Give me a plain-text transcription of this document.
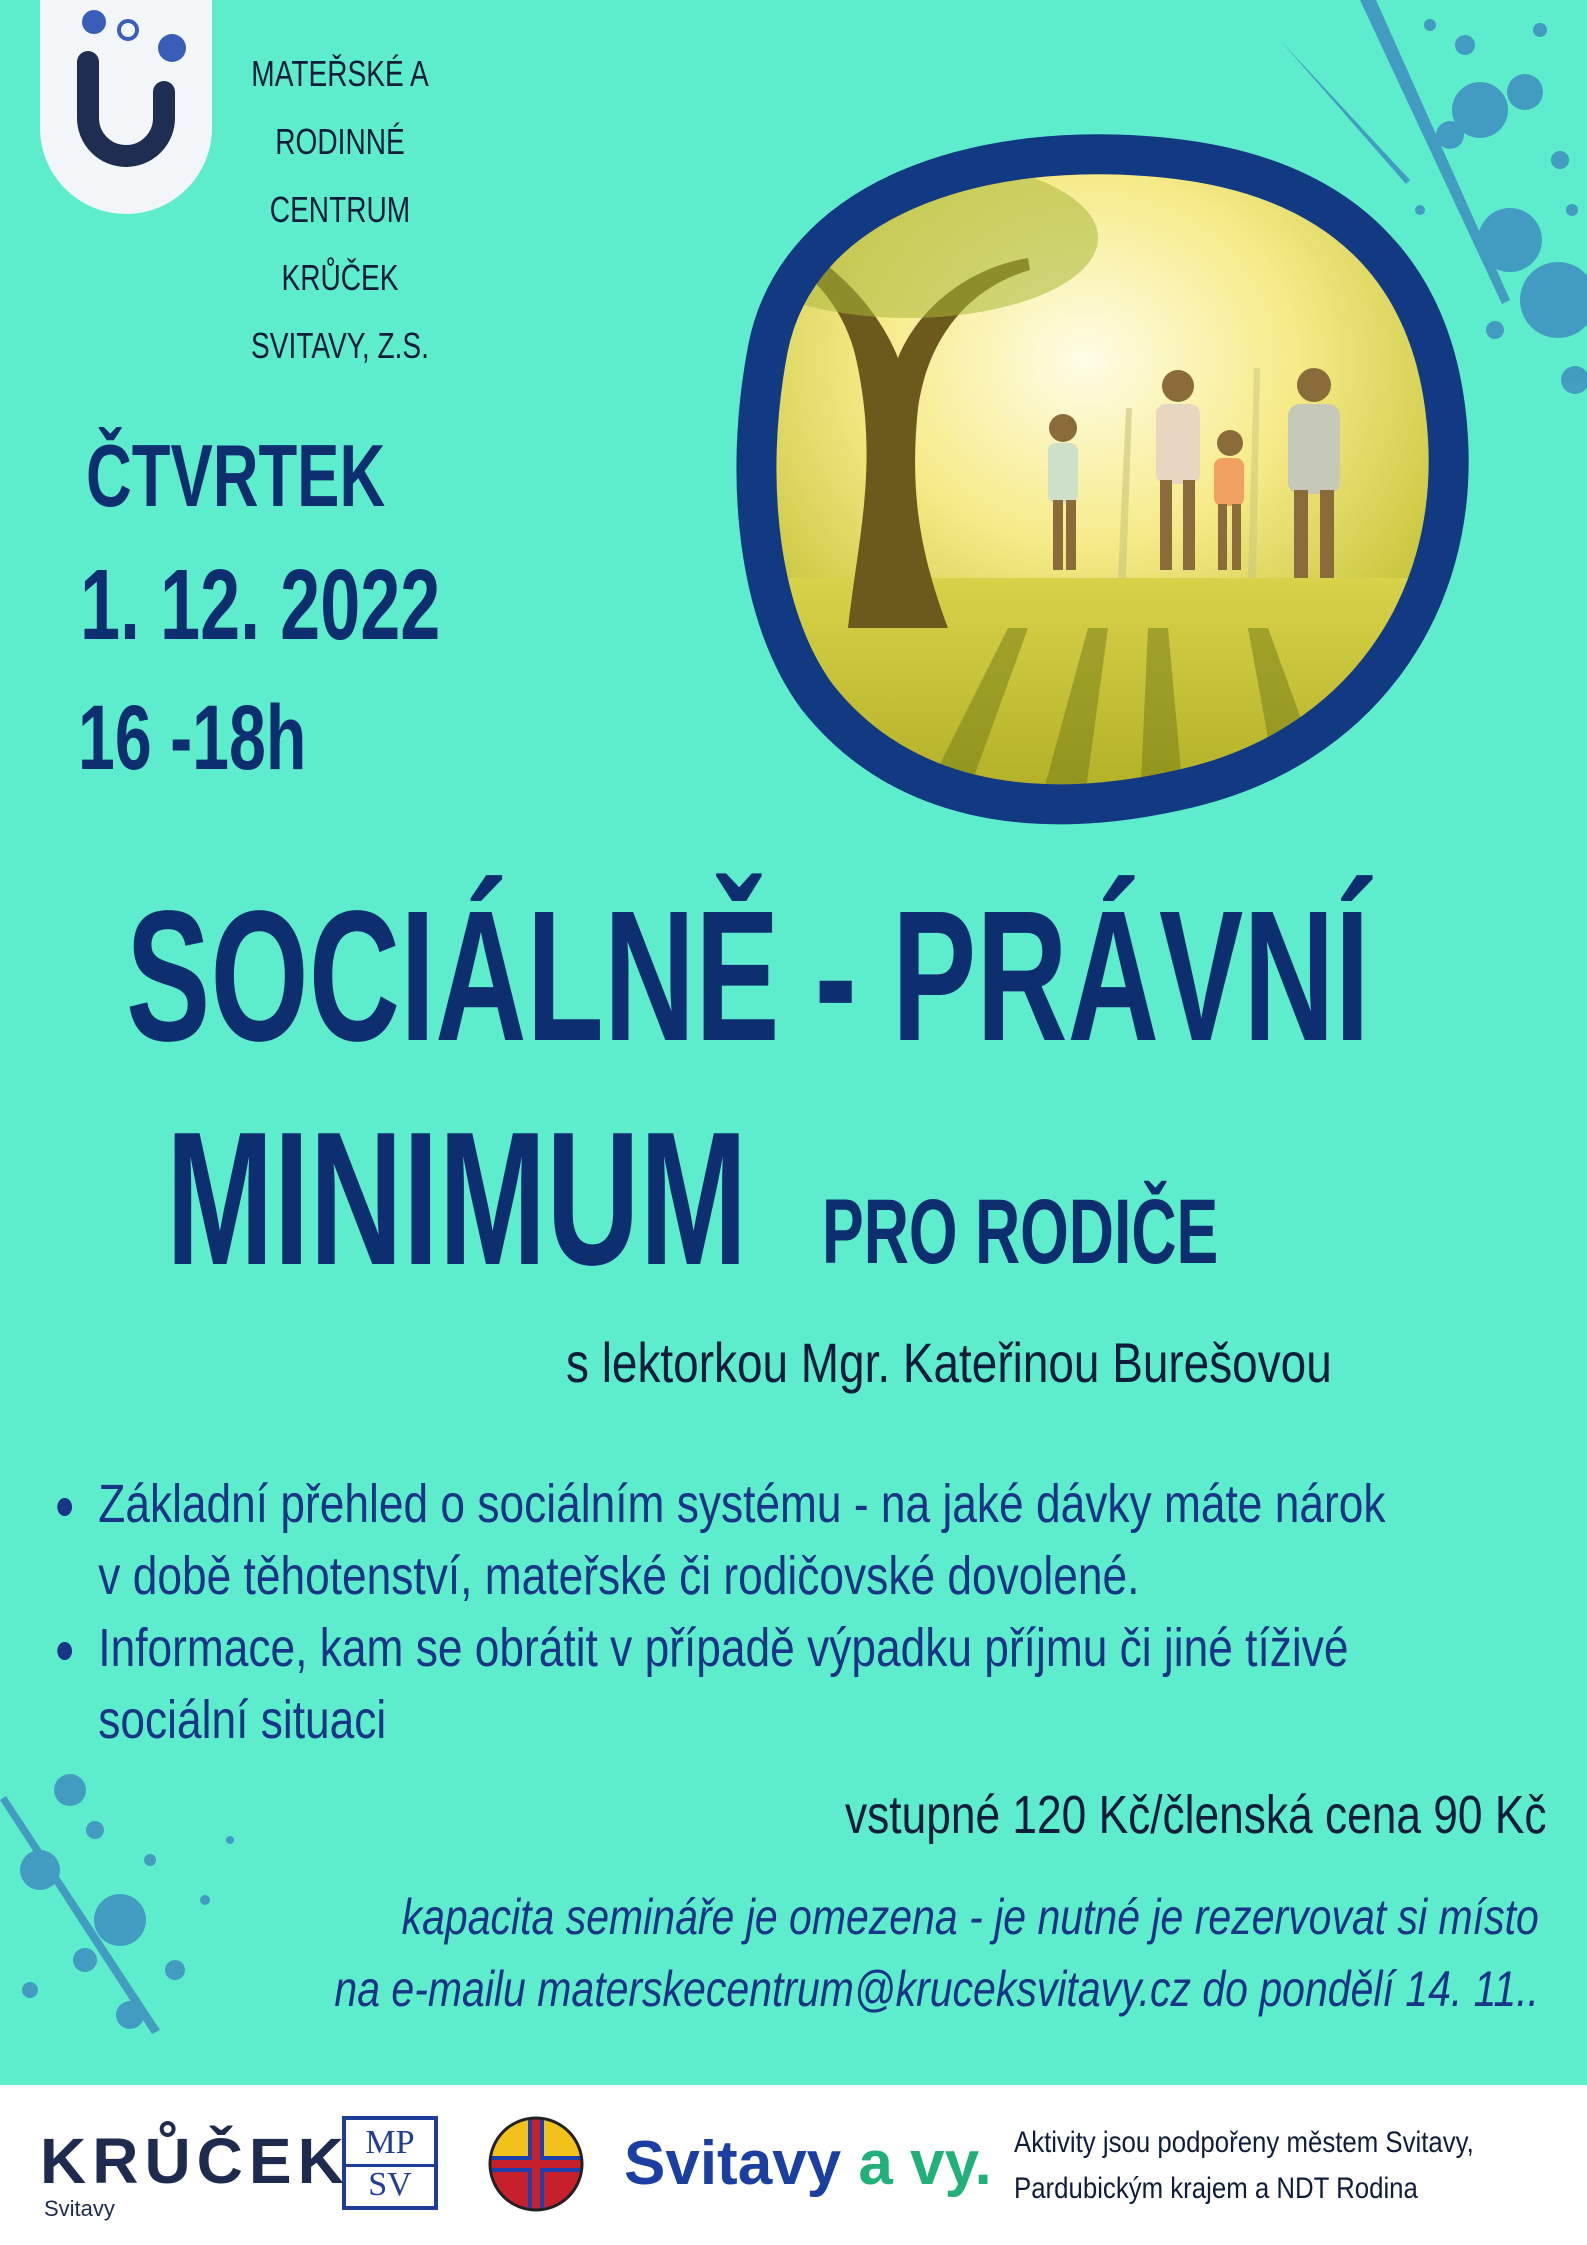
MATEŘSKÉ A
RODINNÉ
CENTRUM
KRŮČEK
SVITAVY, Z.S.
ČTVRTEK
1. 12. 2022
16 -18h
SOCIÁLNĚ - PRÁVNÍ
MINIMUM PRO RODIČE
s lektorkou Mgr. Kateřinou Burešovou
Základní přehled o sociálním systému - na jaké dávky máte nárok
v době těhotenství, mateřské či rodičovské dovolené.
Informace, kam se obrátit v případě výpadku příjmu či jiné tíživé
sociální situaci
vstupné 120 Kč/členská cena 90 Kč
kapacita semináře je omezena - je nutné je rezervovat si místo
na e-mailu materskecentrum@kruceksvitavy.cz do pondělí 14. 11..
KRŮČEK
Svitavy
MP
SV	Svitavy a vy. Aktivity jsou podpořeny městem Svitavy,
Pardubickým krajem a NDT Rodina
